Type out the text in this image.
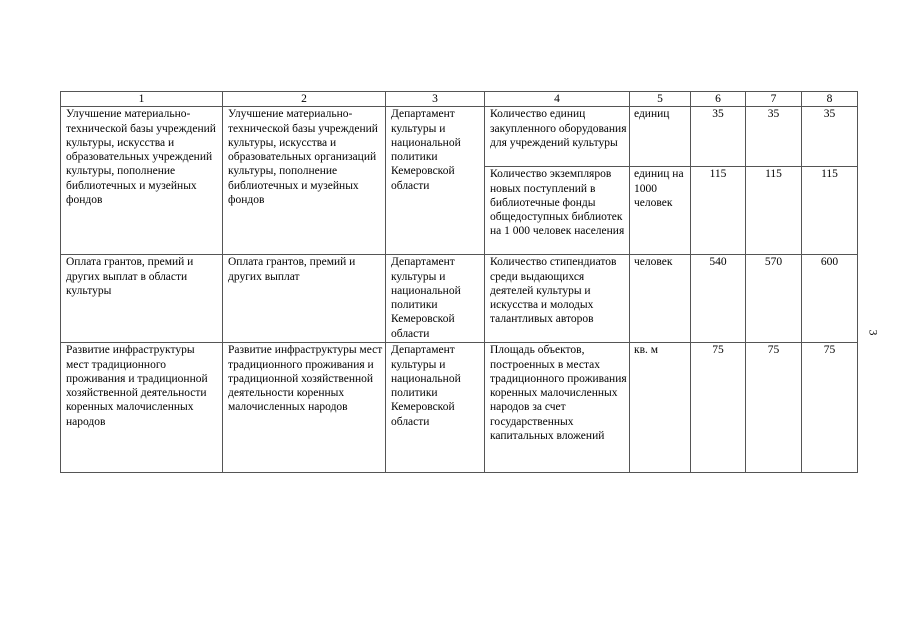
1	2	3	4	5	6	7	8
Улучшение материально-технической базы учреждений культуры, искусства и образовательных учреждений культуры, пополнение библиотечных и музейных фондов	Улучшение материально-технической базы учреждений культуры, искусства и образовательных организаций культуры, пополнение библиотечных и музейных фондов	Департамент культуры и национальной политики Кемеровской области	Количество единиц закупленного оборудования для учреждений культуры	единиц	35	35	35
			Количество экземпляров новых поступлений в библиотечные фонды общедоступных библиотек на 1 000 человек населения	единиц на 1000 человек	115	115	115
Оплата грантов, премий и других выплат в области культуры	Оплата грантов, премий и других выплат	Департамент культуры и национальной политики Кемеровской области	Количество стипендиатов среди выдающихся деятелей культуры и искусства и молодых талантливых авторов	человек	540	570	600
Развитие инфраструктуры мест традиционного проживания и традиционной хозяйственной деятельности коренных малочисленных народов	Развитие инфраструктуры мест традиционного проживания и традиционной хозяйственной деятельности коренных малочисленных народов	Департамент культуры и национальной политики Кемеровской области	Площадь объектов, построенных в местах традиционного проживания коренных малочисленных народов за счет государственных капитальных вложений	кв. м	75	75	75
3
